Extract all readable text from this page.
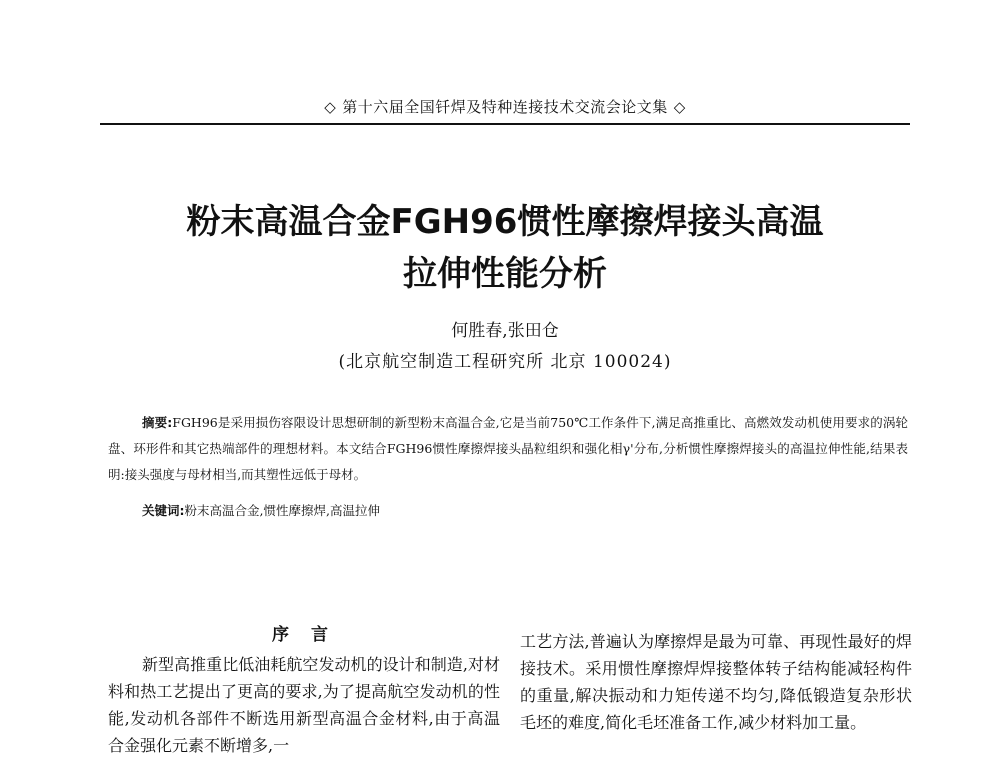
◇ 第十六届全国钎焊及特种连接技术交流会论文集 ◇
粉末高温合金FGH96惯性摩擦焊接头高温
拉伸性能分析
何胜春,张田仓
(北京航空制造工程研究所 北京 100024)
摘要:FGH96是采用损伤容限设计思想研制的新型粉末高温合金,它是当前750℃工作条件下,满足高推重比、高燃效发动机使用要求的涡轮盘、环形件和其它热端部件的理想材料。本文结合FGH96惯性摩擦焊接头晶粒组织和强化相γ'分布,分析惯性摩擦焊接头的高温拉伸性能,结果表明:接头强度与母材相当,而其塑性远低于母材。
关键词:粉末高温合金,惯性摩擦焊,高温拉伸
序 言

新型高推重比低油耗航空发动机的设计和制造,对材料和热工艺提出了更高的要求,为了提高航空发动机的性能,发动机各部件不断选用新型高温合金材料,由于高温合金强化元素不断增多,一

工艺方法,普遍认为摩擦焊是最为可靠、再现性最好的焊接技术。采用惯性摩擦焊焊接整体转子结构能减轻构件的重量,解决振动和力矩传递不均匀,降低锻造复杂形状毛坯的难度,简化毛坯准备工作,减少材料加工量。
